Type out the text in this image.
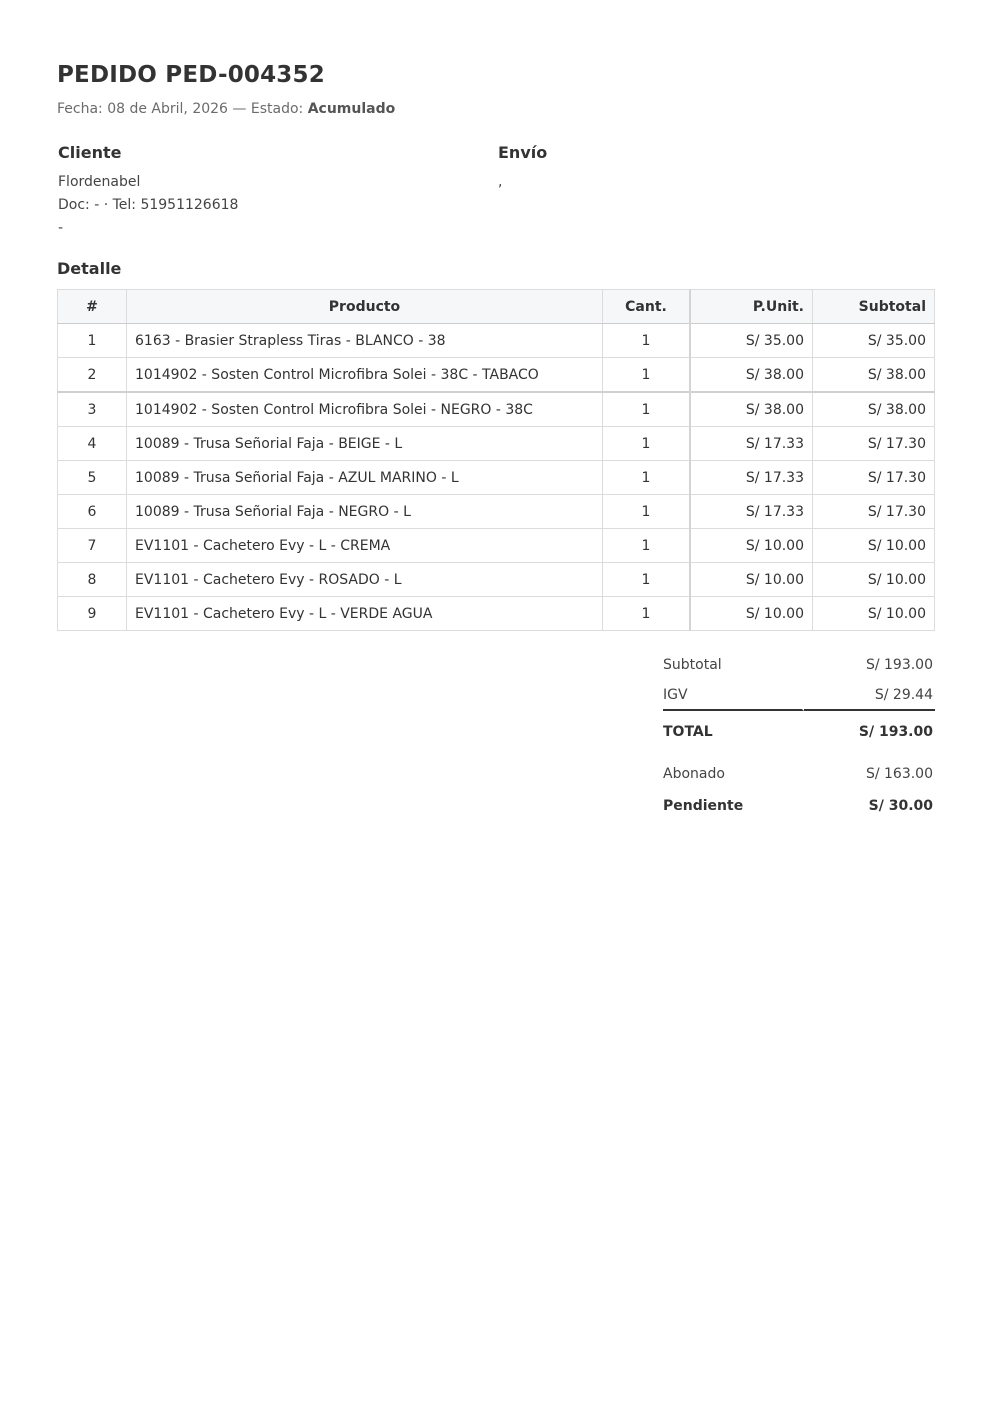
PEDIDO PED-004352
Fecha: 08 de Abril, 2026 — Estado: Acumulado
Cliente
Flordenabel
Doc: - · Tel: 51951126618
-
Envío
,
Detalle
#	Producto	Cant.	P.Unit.	Subtotal
1	6163 - Brasier Strapless Tiras - BLANCO - 38	1	S/ 35.00	S/ 35.00
2	1014902 - Sosten Control Microfibra Solei - 38C - TABACO	1	S/ 38.00	S/ 38.00
3	1014902 - Sosten Control Microfibra Solei - NEGRO - 38C	1	S/ 38.00	S/ 38.00
4	10089 - Trusa Señorial Faja - BEIGE - L	1	S/ 17.33	S/ 17.30
5	10089 - Trusa Señorial Faja - AZUL MARINO - L	1	S/ 17.33	S/ 17.30
6	10089 - Trusa Señorial Faja - NEGRO - L	1	S/ 17.33	S/ 17.30
7	EV1101 - Cachetero Evy - L - CREMA	1	S/ 10.00	S/ 10.00
8	EV1101 - Cachetero Evy - ROSADO - L	1	S/ 10.00	S/ 10.00
9	EV1101 - Cachetero Evy - L - VERDE AGUA	1	S/ 10.00	S/ 10.00
Subtotal	S/ 193.00
IGV	S/ 29.44
TOTAL	S/ 193.00
Abonado	S/ 163.00
Pendiente	S/ 30.00
